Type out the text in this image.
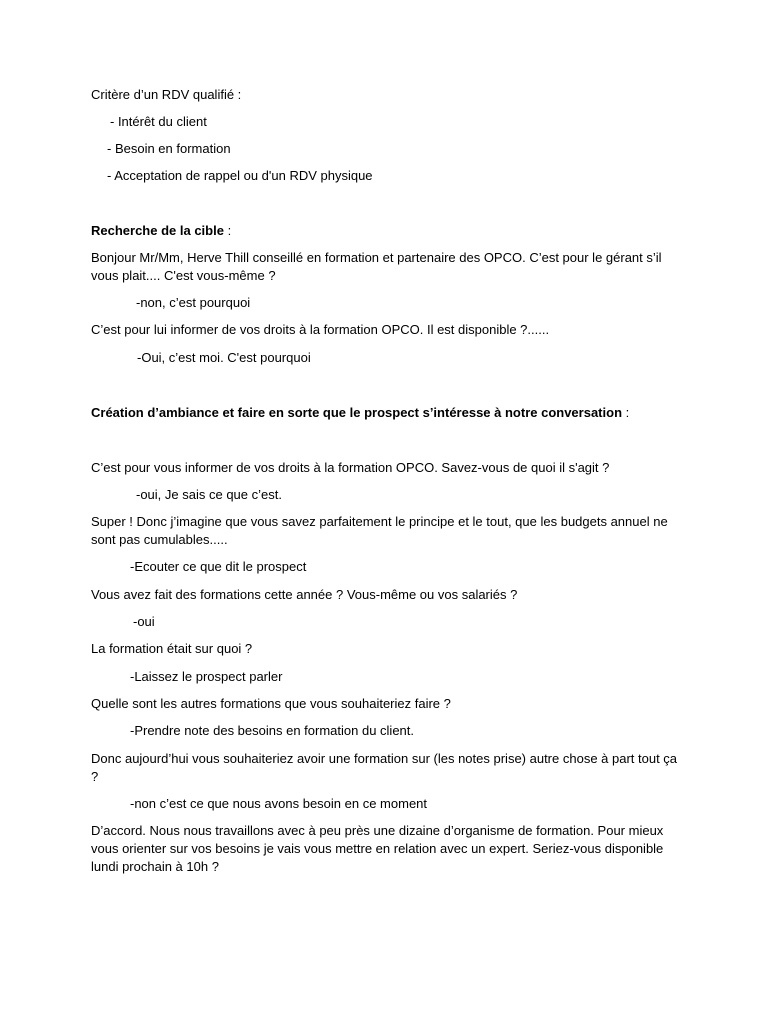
Critère d’un RDV qualifié :
- Intérêt du client
- Besoin en formation
- Acceptation de rappel ou d'un RDV physique
Recherche de la cible :
Bonjour Mr/Mm, Herve Thill conseillé en formation et partenaire des OPCO. C’est pour le gérant s’il vous plait.... C'est vous-même ?
-non, c’est pourquoi
C’est pour lui informer de vos droits à la formation OPCO. Il est disponible ?......
-Oui, c’est moi. C'est pourquoi
Création d’ambiance et faire en sorte que le prospect s’intéresse à notre conversation :
C’est pour vous informer de vos droits à la formation OPCO. Savez-vous de quoi il s'agit ?
-oui, Je sais ce que c’est.
Super ! Donc j’imagine que vous savez parfaitement le principe et le tout, que les budgets annuel ne sont pas cumulables.....
-Ecouter ce que dit le prospect
Vous avez fait des formations cette année ? Vous-même ou vos salariés ?
-oui
La formation était sur quoi ?
-Laissez le prospect parler
Quelle sont les autres formations que vous souhaiteriez faire ?
-Prendre note des besoins en formation du client.
Donc aujourd’hui vous souhaiteriez avoir une formation sur (les notes prise) autre chose à part tout ça ?
-non c’est ce que nous avons besoin en ce moment
D’accord. Nous nous travaillons avec à peu près une dizaine d’organisme de formation. Pour mieux vous orienter sur vos besoins je vais vous mettre en relation avec un expert. Seriez-vous disponible lundi prochain à 10h ?
